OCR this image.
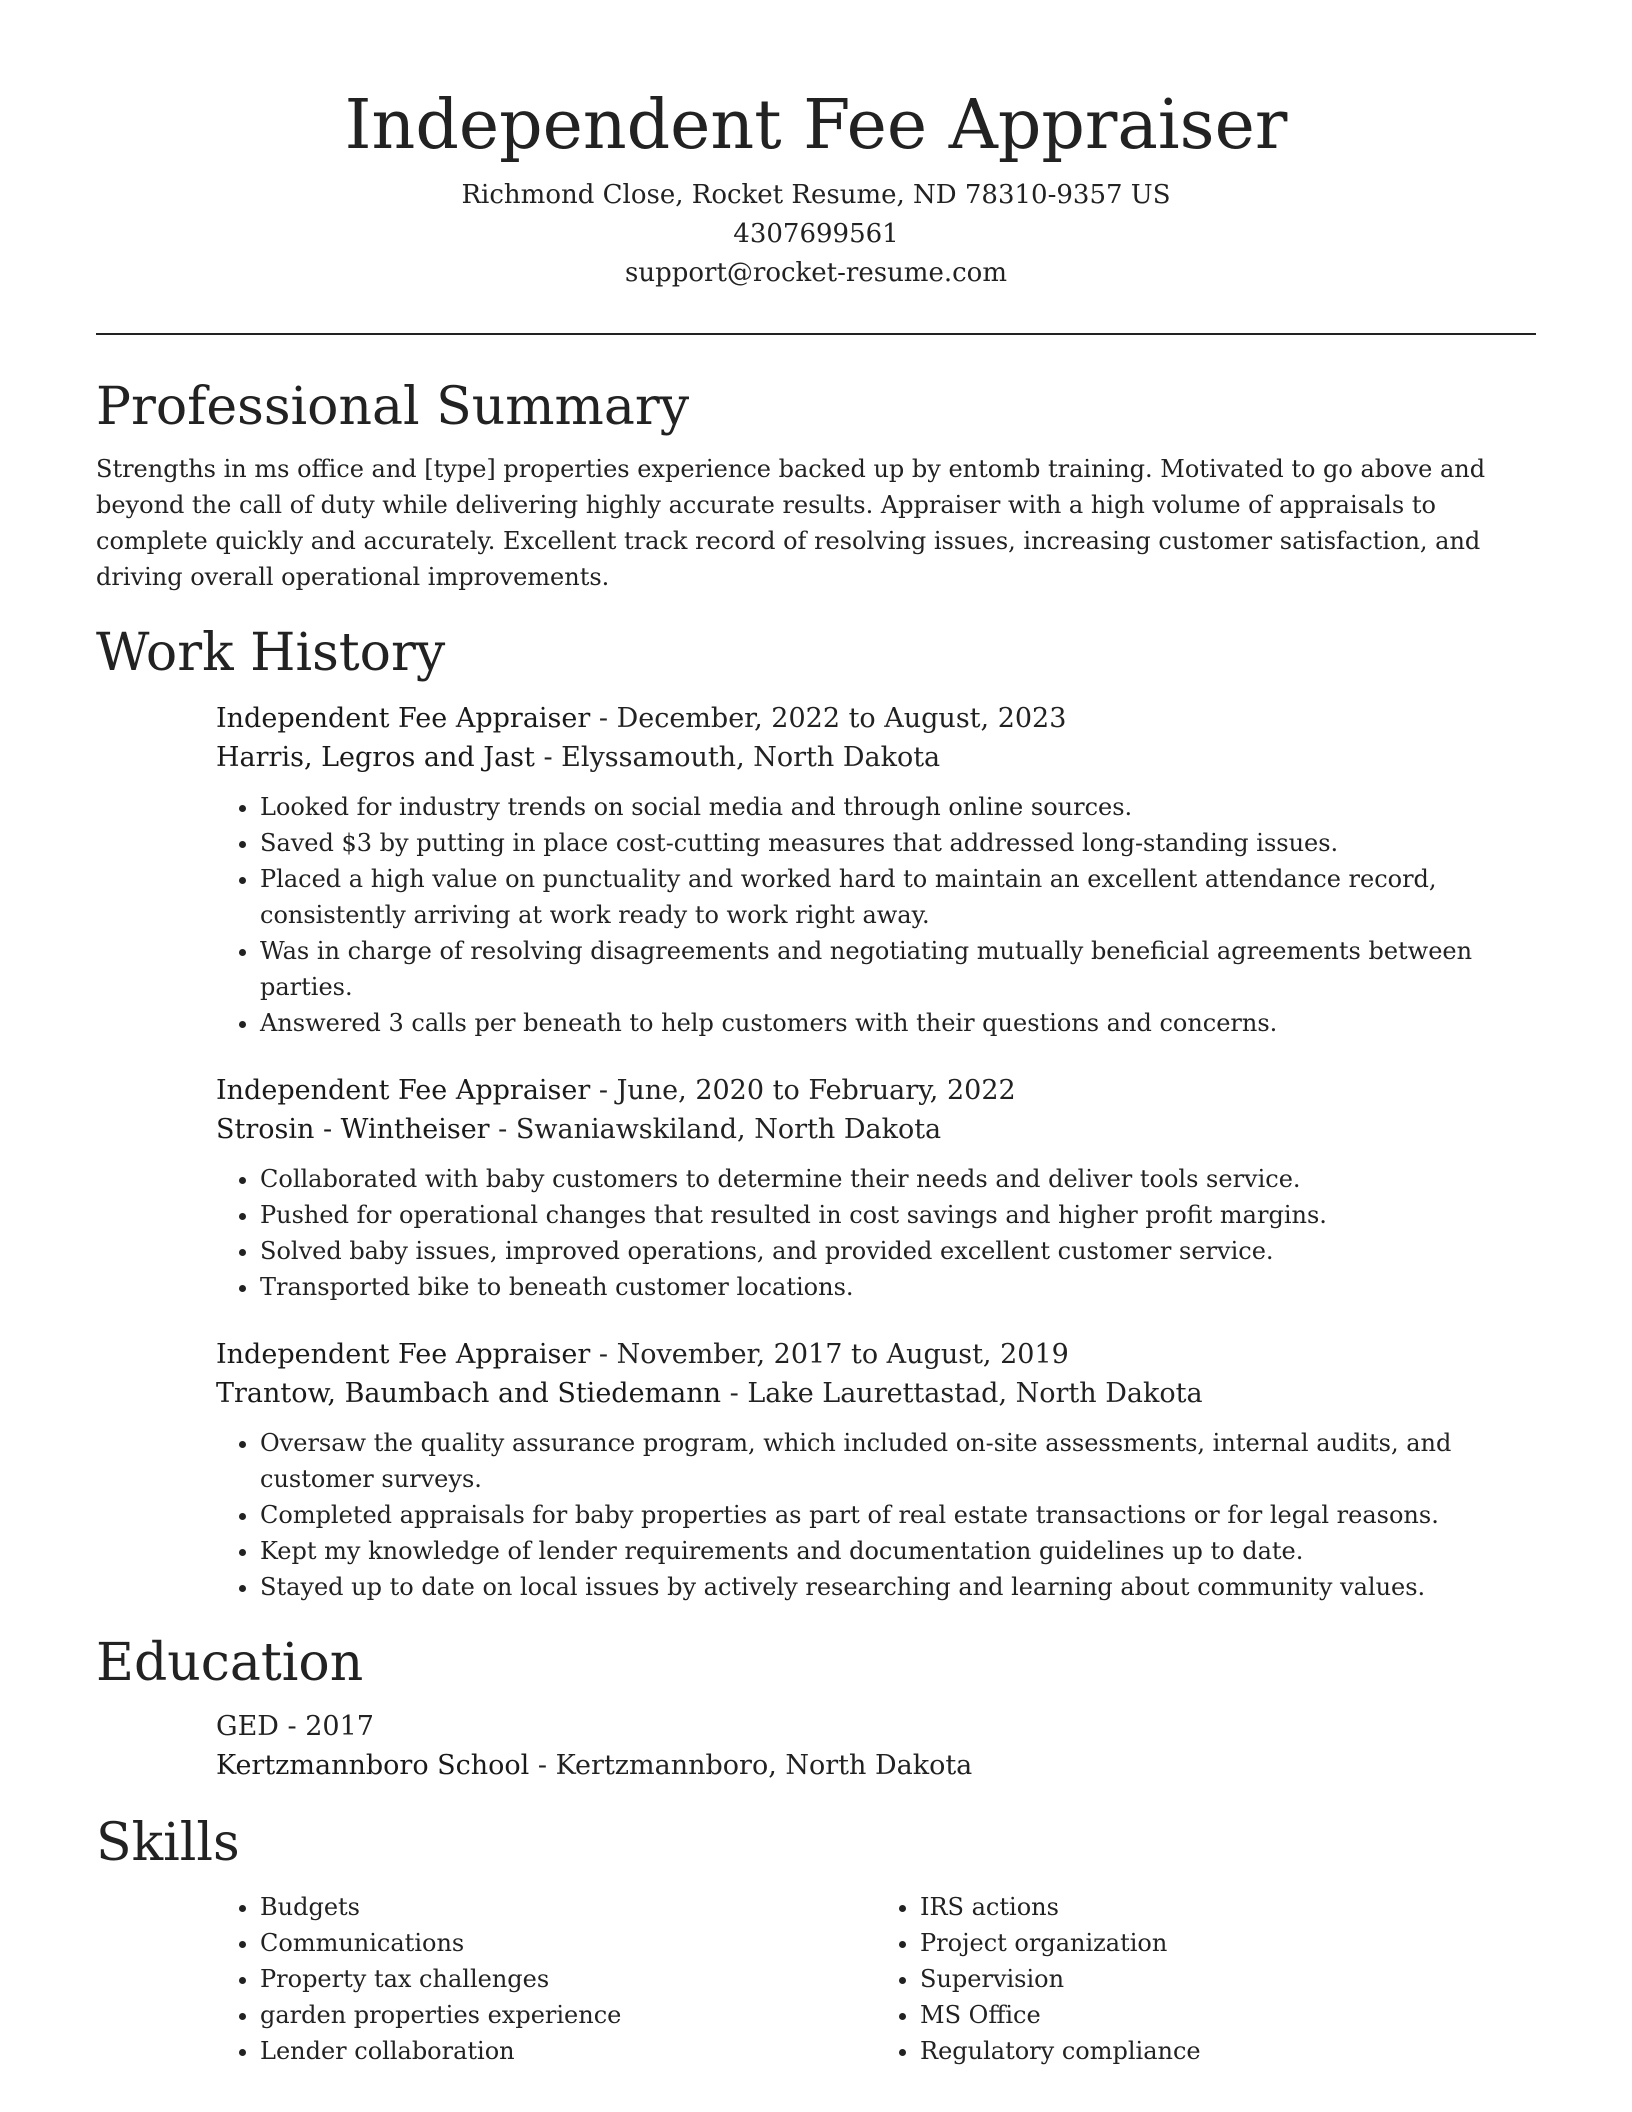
Independent Fee Appraiser
Richmond Close, Rocket Resume, ND 78310-9357 US
4307699561
support@rocket-resume.com
Professional Summary

Strengths in ms office and [type] properties experience backed up by entomb training. Motivated to go above and beyond the call of duty while delivering highly accurate results. Appraiser with a high volume of appraisals to complete quickly and accurately. Excellent track record of resolving issues, increasing customer satisfaction, and driving overall operational improvements.

Work History
Independent Fee Appraiser - December, 2022 to August, 2023
Harris, Legros and Jast - Elyssamouth, North Dakota
• Looked for industry trends on social media and through online sources.
• Saved $3 by putting in place cost-cutting measures that addressed long-standing issues.
• Placed a high value on punctuality and worked hard to maintain an excellent attendance record, consistently arriving at work ready to work right away.
• Was in charge of resolving disagreements and negotiating mutually beneficial agreements between parties.
• Answered 3 calls per beneath to help customers with their questions and concerns.
Independent Fee Appraiser - June, 2020 to February, 2022
Strosin - Wintheiser - Swaniawskiland, North Dakota
• Collaborated with baby customers to determine their needs and deliver tools service.
• Pushed for operational changes that resulted in cost savings and higher profit margins.
• Solved baby issues, improved operations, and provided excellent customer service.
• Transported bike to beneath customer locations.
Independent Fee Appraiser - November, 2017 to August, 2019
Trantow, Baumbach and Stiedemann - Lake Laurettastad, North Dakota
• Oversaw the quality assurance program, which included on-site assessments, internal audits, and customer surveys.
• Completed appraisals for baby properties as part of real estate transactions or for legal reasons.
• Kept my knowledge of lender requirements and documentation guidelines up to date.
• Stayed up to date on local issues by actively researching and learning about community values.
Education
GED - 2017
Kertzmannboro School - Kertzmannboro, North Dakota
Skills
• Budgets
• Communications
• Property tax challenges
• garden properties experience
• Lender collaboration
• IRS actions
• Project organization
• Supervision
• MS Office
• Regulatory compliance
